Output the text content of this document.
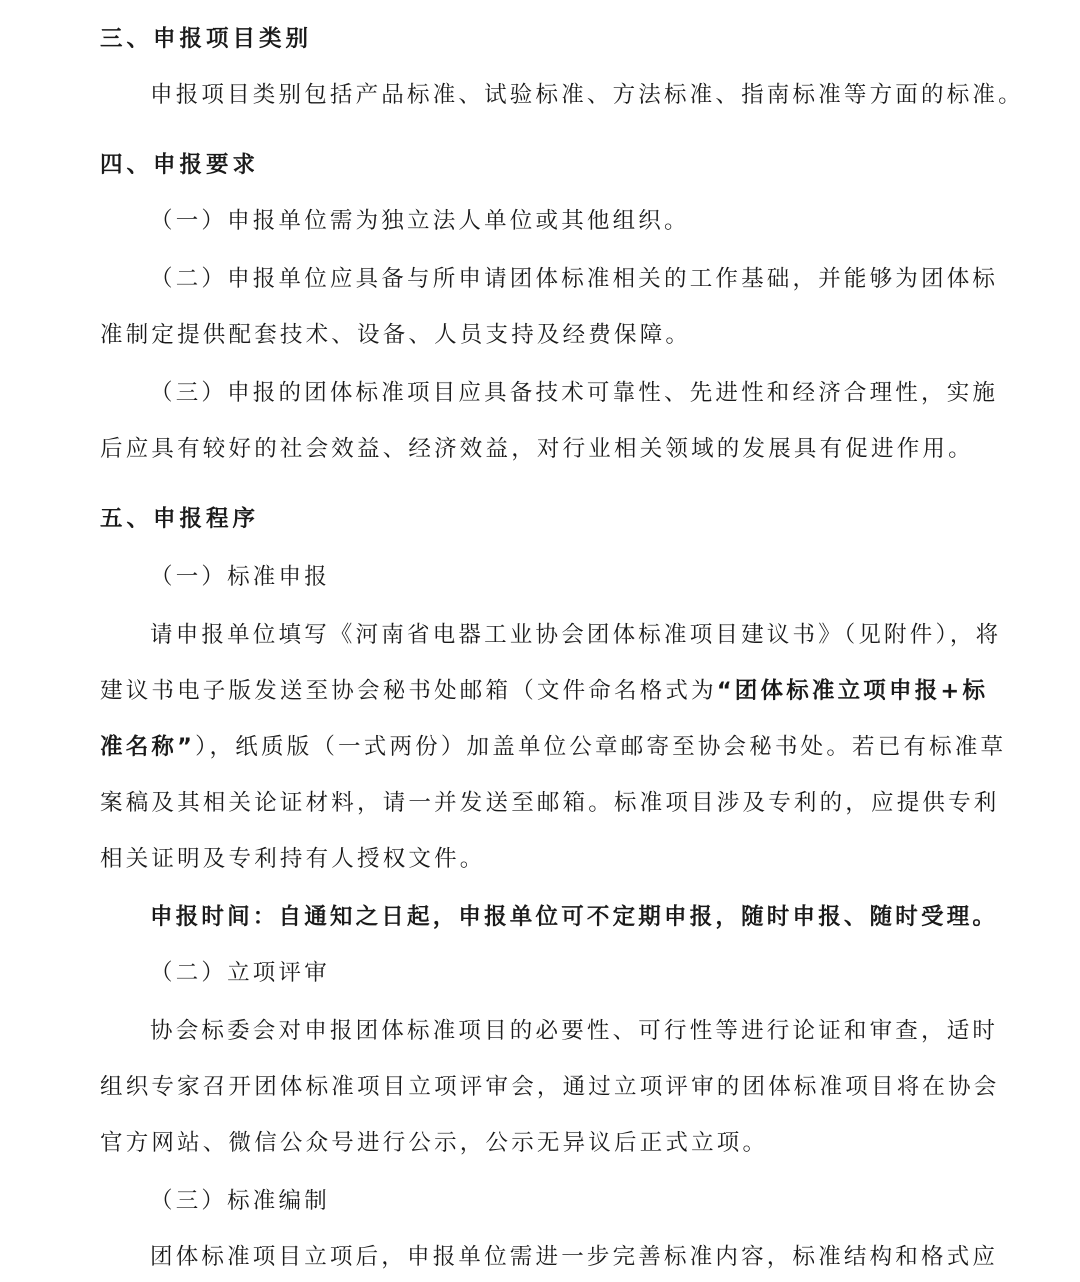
三、申报项目类别
申报项目类别包括产品标准、试验标准、方法标准、指南标准等方面的标准。
四、申报要求
（一）申报单位需为独立法人单位或其他组织。
（二）申报单位应具备与所申请团体标准相关的工作基础，并能够为团体标
准制定提供配套技术、设备、人员支持及经费保障。
（三）申报的团体标准项目应具备技术可靠性、先进性和经济合理性，实施
后应具有较好的社会效益、经济效益，对行业相关领域的发展具有促进作用。
五、申报程序
（一）标准申报
请申报单位填写《河南省电器工业协会团体标准项目建议书》（见附件），将
建议书电子版发送至协会秘书处邮箱（文件命名格式为“团体标准立项申报+标
准名称”），纸质版（一式两份）加盖单位公章邮寄至协会秘书处。若已有标准草
案稿及其相关论证材料，请一并发送至邮箱。标准项目涉及专利的，应提供专利
相关证明及专利持有人授权文件。
申报时间：自通知之日起，申报单位可不定期申报，随时申报、随时受理。
（二）立项评审
协会标委会对申报团体标准项目的必要性、可行性等进行论证和审查，适时
组织专家召开团体标准项目立项评审会，通过立项评审的团体标准项目将在协会
官方网站、微信公众号进行公示，公示无异议后正式立项。
（三）标准编制
团体标准项目立项后，申报单位需进一步完善标准内容，标准结构和格式应
